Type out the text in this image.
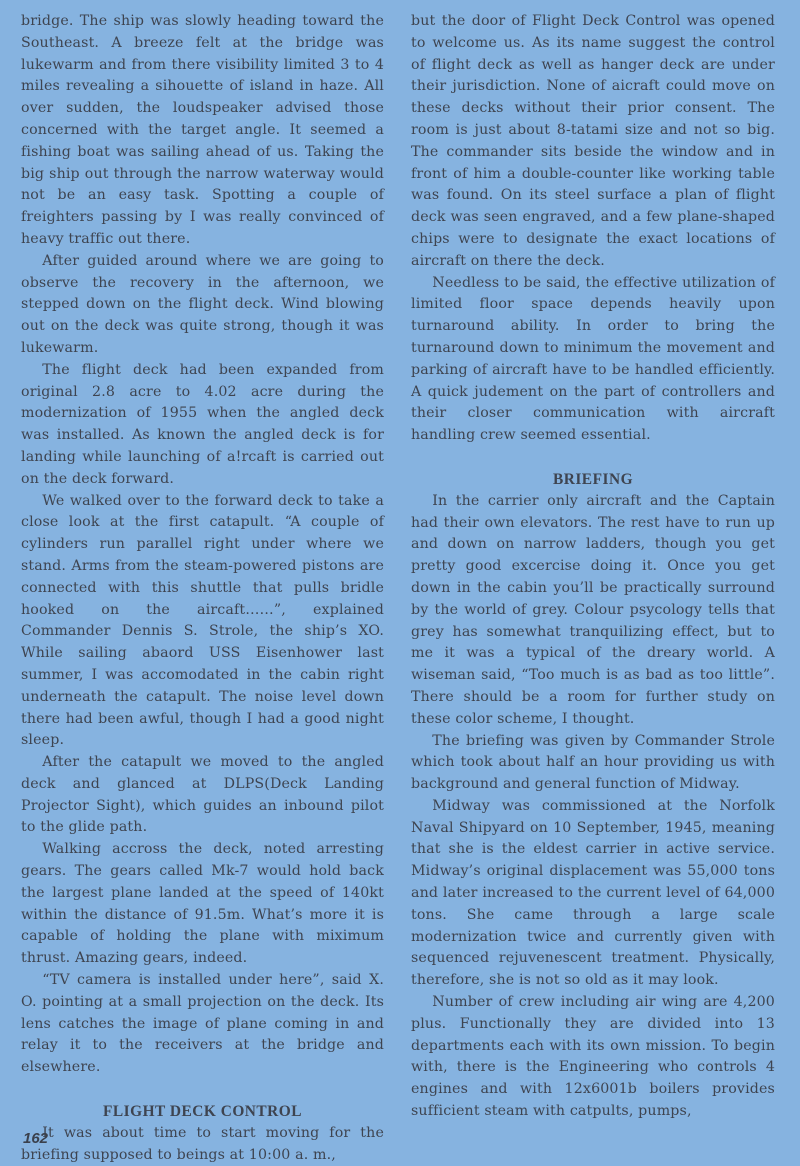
bridge. The ship was slowly heading toward the Southeast. A breeze felt at the bridge was lukewarm and from there visibility limited 3 to 4 miles revealing a sihouette of island in haze. All over sudden, the loudspeaker advised those concerned with the target angle. It seemed a fishing boat was sailing ahead of us. Taking the big ship out through the narrow waterway would not be an easy task. Spotting a couple of freighters passing by I was really convinced of heavy traffic out there.

After guided around where we are going to observe the recovery in the afternoon, we stepped down on the flight deck. Wind blowing out on the deck was quite strong, though it was lukewarm.

The flight deck had been expanded from original 2.8 acre to 4.02 acre during the modernization of 1955 when the angled deck was installed. As known the angled deck is for landing while launching of a!rcaft is carried out on the deck forward.

We walked over to the forward deck to take a close look at the first catapult. “A couple of cylinders run parallel right under where we stand. Arms from the steam-powered pistons are connected with this shuttle that pulls bridle hooked on the aircaft……”, explained Commander Dennis S. Strole, the ship’s XO. While sailing abaord USS Eisenhower last summer, I was accomodated in the cabin right underneath the catapult. The noise level down there had been awful, though I had a good night sleep.

After the catapult we moved to the angled deck and glanced at DLPS(Deck Landing Projector Sight), which guides an inbound pilot to the glide path.

Walking accross the deck, noted arresting gears. The gears called Mk-7 would hold back the largest plane landed at the speed of 140kt within the distance of 91.5m. What’s more it is capable of holding the plane with miximum thrust. Amazing gears, indeed.

“TV camera is installed under here”, said X. O. pointing at a small projection on the deck. Its lens catches the image of plane coming in and relay it to the receivers at the bridge and elsewhere.

FLIGHT DECK CONTROL

It was about time to start moving for the briefing supposed to beings at 10:00 a. m.,

but the door of Flight Deck Control was opened to welcome us. As its name suggest the control of flight deck as well as hanger deck are under their jurisdiction. None of aicraft could move on these decks without their prior consent. The room is just about 8-tatami size and not so big. The commander sits beside the window and in front of him a double-counter like working table was found. On its steel surface a plan of flight deck was seen engraved, and a few plane-shaped chips were to designate the exact locations of aircraft on there the deck.

Needless to be said, the effective utilization of limited floor space depends heavily upon turnaround ability. In order to bring the turnaround down to minimum the movement and parking of aircraft have to be handled efficiently. A quick judement on the part of controllers and their closer communication with aircraft handling crew seemed essential.

BRIEFING

In the carrier only aircraft and the Captain had their own elevators. The rest have to run up and down on narrow ladders, though you get pretty good excercise doing it. Once you get down in the cabin you’ll be practically surround by the world of grey. Colour psycology tells that grey has somewhat tranquilizing effect, but to me it was a typical of the dreary world. A wiseman said, “Too much is as bad as too little”. There should be a room for further study on these color scheme, I thought.

The briefing was given by Commander Strole which took about half an hour providing us with background and general function of Midway.

Midway was commissioned at the Norfolk Naval Shipyard on 10 September, 1945, meaning that she is the eldest carrier in active service. Midway’s original displacement was 55,000 tons and later increased to the current level of 64,000 tons. She came through a large scale modernization twice and currently given with sequenced rejuvenescent treatment. Physically, therefore, she is not so old as it may look.

Number of crew including air wing are 4,200 plus. Functionally they are divided into 13 departments each with its own mission. To begin with, there is the Engineering who controls 4 engines and with 12x6001b boilers provides sufficient steam with catpults, pumps,

162
